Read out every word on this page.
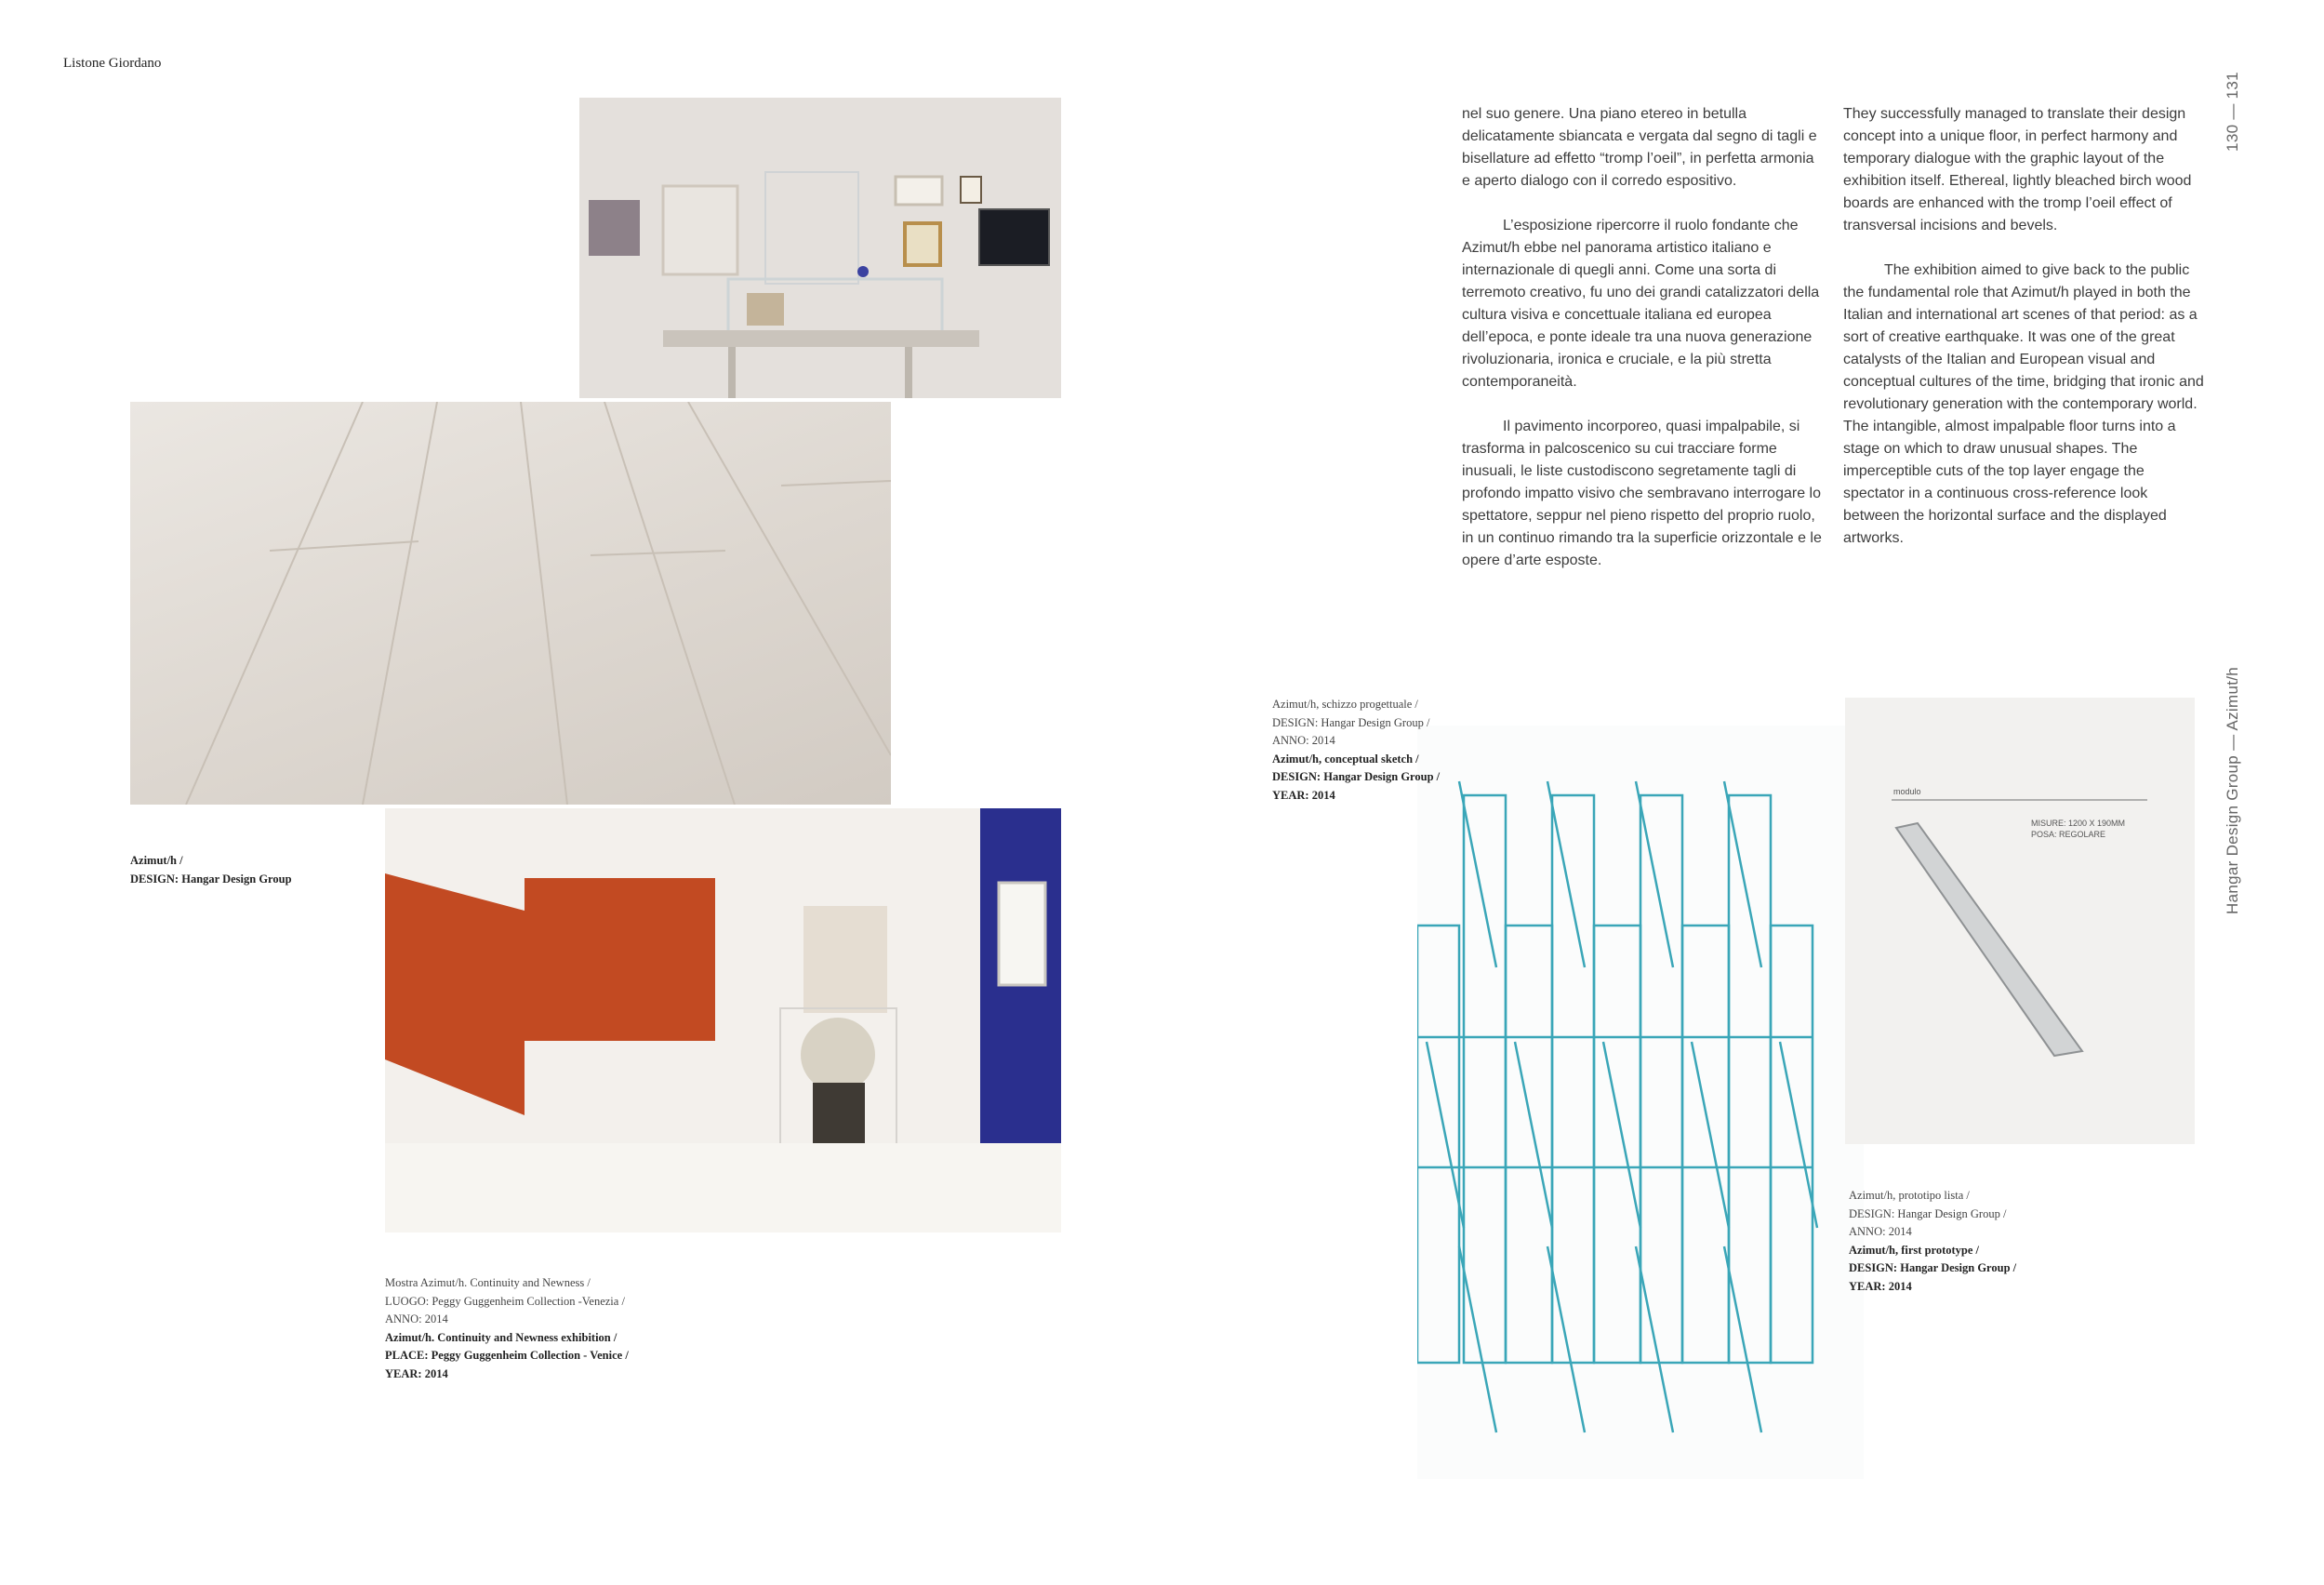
Listone Giordano
130 — 131
Hangar Design Group — Azimut/h
modulo
MISURE: 1200 X 190MM
POSA: REGOLARE

nel suo genere. Una piano etereo in betulla delicatamente sbiancata e vergata dal segno di tagli e bisellature ad effetto “tromp l’oeil”, in perfetta armonia e aperto dialogo con il corredo espositivo.

L’esposizione ripercorre il ruolo fondante che Azimut/h ebbe nel panorama artistico italiano e internazionale di quegli anni. Come una sorta di terremoto creativo, fu uno dei grandi catalizzatori della cultura visiva e concettuale italiana ed europea dell’epoca, e ponte ideale tra una nuova generazione rivoluzionaria, ironica e cruciale, e la più stretta contemporaneità.

Il pavimento incorporeo, quasi impalpabile, si trasforma in palcoscenico su cui tracciare forme inusuali, le liste custodiscono segretamente tagli di profondo impatto visivo che sembravano interrogare lo spettatore, seppur nel pieno rispetto del proprio ruolo, in un continuo rimando tra la superficie orizzontale e le opere d’arte esposte.

They successfully managed to translate their design concept into a unique floor, in perfect harmony and temporary dialogue with the graphic layout of the exhibition itself. Ethereal, lightly bleached birch wood boards are enhanced with the tromp l’oeil effect of transversal incisions and bevels.

The exhibition aimed to give back to the public the fundamental role that Azimut/h played in both the Italian and international art scenes of that period: as a sort of creative earthquake. It was one of the great catalysts of the Italian and European visual and conceptual cultures of the time, bridging that ironic and revolutionary generation with the contemporary world. The intangible, almost impalpable floor turns into a stage on which to draw unusual shapes. The imperceptible cuts of the top layer engage the spectator in a continuous cross-reference look between the horizontal surface and the displayed artworks.

Azimut/h /
DESIGN: Hangar Design Group
Mostra Azimut/h. Continuity and Newness /
LUOGO: Peggy Guggenheim Collection -Venezia /
ANNO: 2014
Azimut/h. Continuity and Newness exhibition /
PLACE: Peggy Guggenheim Collection - Venice /
YEAR: 2014
Azimut/h, schizzo progettuale /
DESIGN: Hangar Design Group /
ANNO: 2014
Azimut/h, conceptual sketch /
DESIGN: Hangar Design Group /
YEAR: 2014
Azimut/h, prototipo lista /
DESIGN: Hangar Design Group /
ANNO: 2014
Azimut/h, first prototype /
DESIGN: Hangar Design Group /
YEAR: 2014
